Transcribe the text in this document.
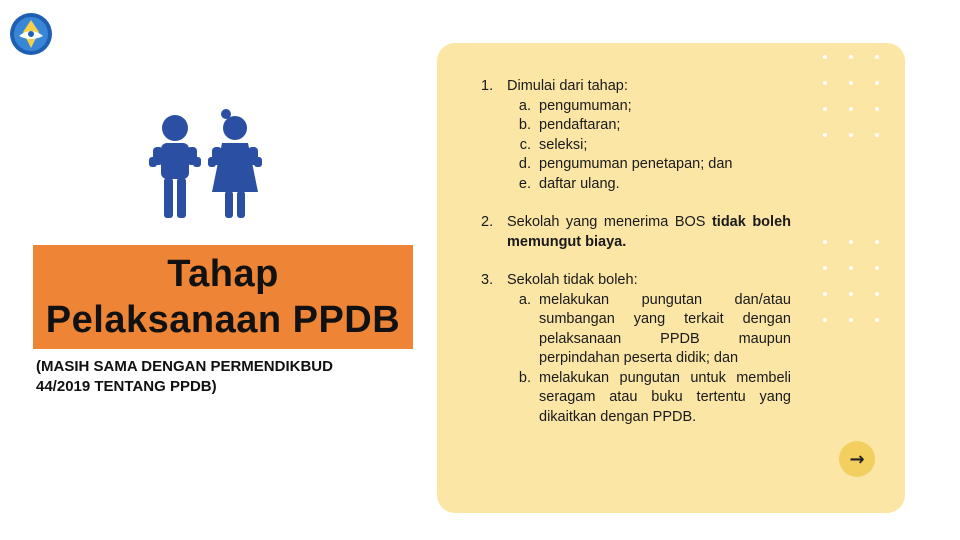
Tahap
Pelaksanaan PPDB
(MASIH SAMA DENGAN PERMENDIKBUD
44/2019 TENTANG PPDB)
1. Dimulai dari tahap:
a. pengumuman;
b. pendaftaran;
c. seleksi;
d. pengumuman penetapan; dan
e. daftar ulang.
2. Sekolah yang menerima BOS tidak boleh memungut biaya.
3. Sekolah tidak boleh:
a. melakukan pungutan dan/atau sumbangan yang terkait dengan pelaksanaan PPDB maupun perpindahan peserta didik; dan
b. melakukan pungutan untuk membeli seragam atau buku tertentu yang dikaitkan dengan PPDB.
→
